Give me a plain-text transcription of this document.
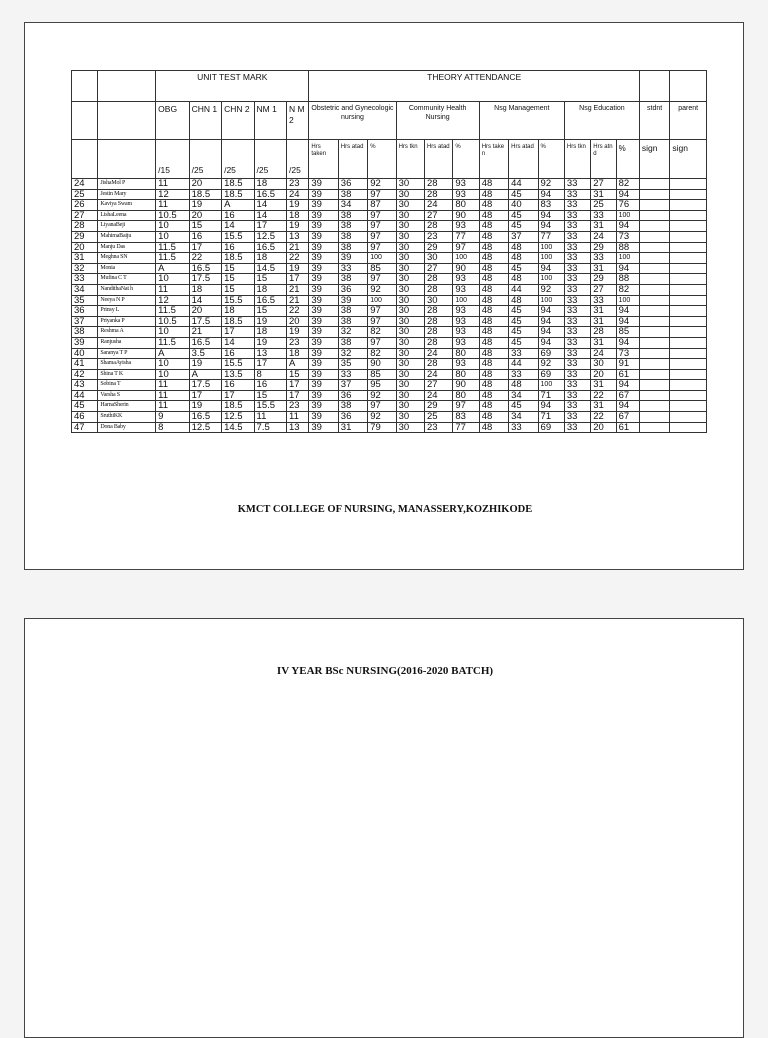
		UNIT TEST MARK					THEORY ATTENDANCE													
		OBG	CHN 1	CHN 2	NM 1	N M 2	Obstetric and Gynecologic nursing			Community Health Nursing			Nsg Management			Nsg Education			stdnt	parent
		/15	/25	/25	/25	/25	Hrs taken	Hrs atad	%	Hrs tkn	Hrs atad	%	Hrs take n	Hrs atad	%	Hrs tkn	Hrs atn d	%	sign	sign
24	JishaMol P	11	20	18.5	18	23	39	36	92	30	28	93	48	44	92	33	27	82		
25	Jestin Mary	12	18.5	18.5	16.5	24	39	38	97	30	28	93	48	45	94	33	31	94		
26	Kaviya Swam	11	19	A	14	19	39	34	87	30	24	80	48	40	83	33	25	76		
27	LishaLeena	10.5	20	16	14	18	39	38	97	30	27	90	48	45	94	33	33	100		
28	LiyanaBeji	10	15	14	17	19	39	38	97	30	28	93	48	45	94	33	31	94		
29	MahimaBaiju	10	16	15.5	12.5	13	39	38	97	30	23	77	48	37	77	33	24	73		
20	Manju Das	11.5	17	16	16.5	21	39	38	97	30	29	97	48	48	100	33	29	88		
31	Meghna SN	11.5	22	18.5	18	22	39	39	100	30	30	100	48	48	100	33	33	100		
32	Monia	A	16.5	15	14.5	19	39	33	85	30	27	90	48	45	94	33	31	94		
33	Mufina C T	10	17.5	15	15	17	39	38	97	30	28	93	48	48	100	33	29	88		
34	NandithaNat h	11	18	15	18	21	39	36	92	30	28	93	48	44	92	33	27	82		
35	Neeya N P	12	14	15.5	16.5	21	39	39	100	30	30	100	48	48	100	33	33	100		
36	Prinsy L	11.5	20	18	15	22	39	38	97	30	28	93	48	45	94	33	31	94		
37	Priyanka P	10.5	17.5	18.5	19	20	39	38	97	30	28	93	48	45	94	33	31	94		
38	Reshma A	10	21	17	18	19	39	32	82	30	28	93	48	45	94	33	28	85		
39	Ranjusha	11.5	16.5	14	19	23	39	38	97	30	28	93	48	45	94	33	31	94		
40	Saranya T P	A	3.5	16	13	18	39	32	82	30	24	80	48	33	69	33	24	73		
41	ShamaAyisha	10	19	15.5	17	A	39	35	90	30	28	93	48	44	92	33	30	91		
42	Shina T K	10	A	13.5	8	15	39	33	85	30	24	80	48	33	69	33	20	61		
43	Sobina T	11	17.5	16	16	17	39	37	95	30	27	90	48	48	100	33	31	94		
44	Varsha S	11	17	17	15	17	39	36	92	30	24	80	48	34	71	33	22	67		
45	HarnaSherin	11	19	18.5	15.5	23	39	38	97	30	29	97	48	45	94	33	31	94		
46	SruthiKK	9	16.5	12.5	11	11	39	36	92	30	25	83	48	34	71	33	22	67		
47	Dona Baby	8	12.5	14.5	7.5	13	39	31	79	30	23	77	48	33	69	33	20	61		
KMCT COLLEGE OF NURSING, MANASSERY,KOZHIKODE
IV YEAR BSc NURSING(2016-2020 BATCH)
